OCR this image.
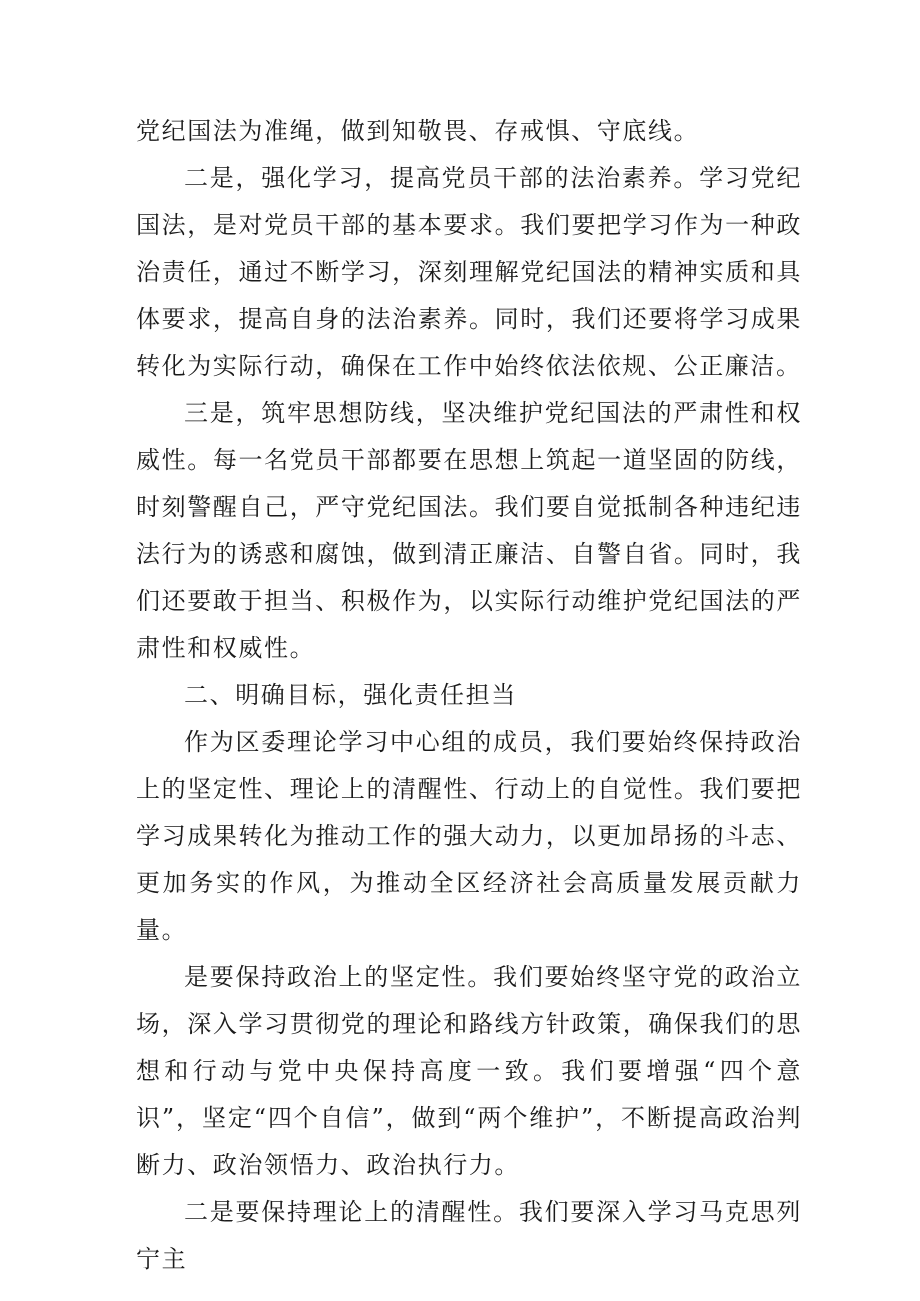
党纪国法为准绳，做到知敬畏、存戒惧、守底线。

二是，强化学习，提高党员干部的法治素养。学习党纪国法，是对党员干部的基本要求。我们要把学习作为一种政治责任，通过不断学习，深刻理解党纪国法的精神实质和具体要求，提高自身的法治素养。同时，我们还要将学习成果转化为实际行动，确保在工作中始终依法依规、公正廉洁。

三是，筑牢思想防线，坚决维护党纪国法的严肃性和权威性。每一名党员干部都要在思想上筑起一道坚固的防线，时刻警醒自己，严守党纪国法。我们要自觉抵制各种违纪违法行为的诱惑和腐蚀，做到清正廉洁、自警自省。同时，我们还要敢于担当、积极作为，以实际行动维护党纪国法的严肃性和权威性。

二、明确目标，强化责任担当

作为区委理论学习中心组的成员，我们要始终保持政治上的坚定性、理论上的清醒性、行动上的自觉性。我们要把学习成果转化为推动工作的强大动力，以更加昂扬的斗志、更加务实的作风，为推动全区经济社会高质量发展贡献力量。

是要保持政治上的坚定性。我们要始终坚守党的政治立场，深入学习贯彻党的理论和路线方针政策，确保我们的思想和行动与党中央保持高度一致。我们要增强“四个意识”，坚定“四个自信”，做到“两个维护”，不断提高政治判断力、政治领悟力、政治执行力。

二是要保持理论上的清醒性。我们要深入学习马克思列宁主
